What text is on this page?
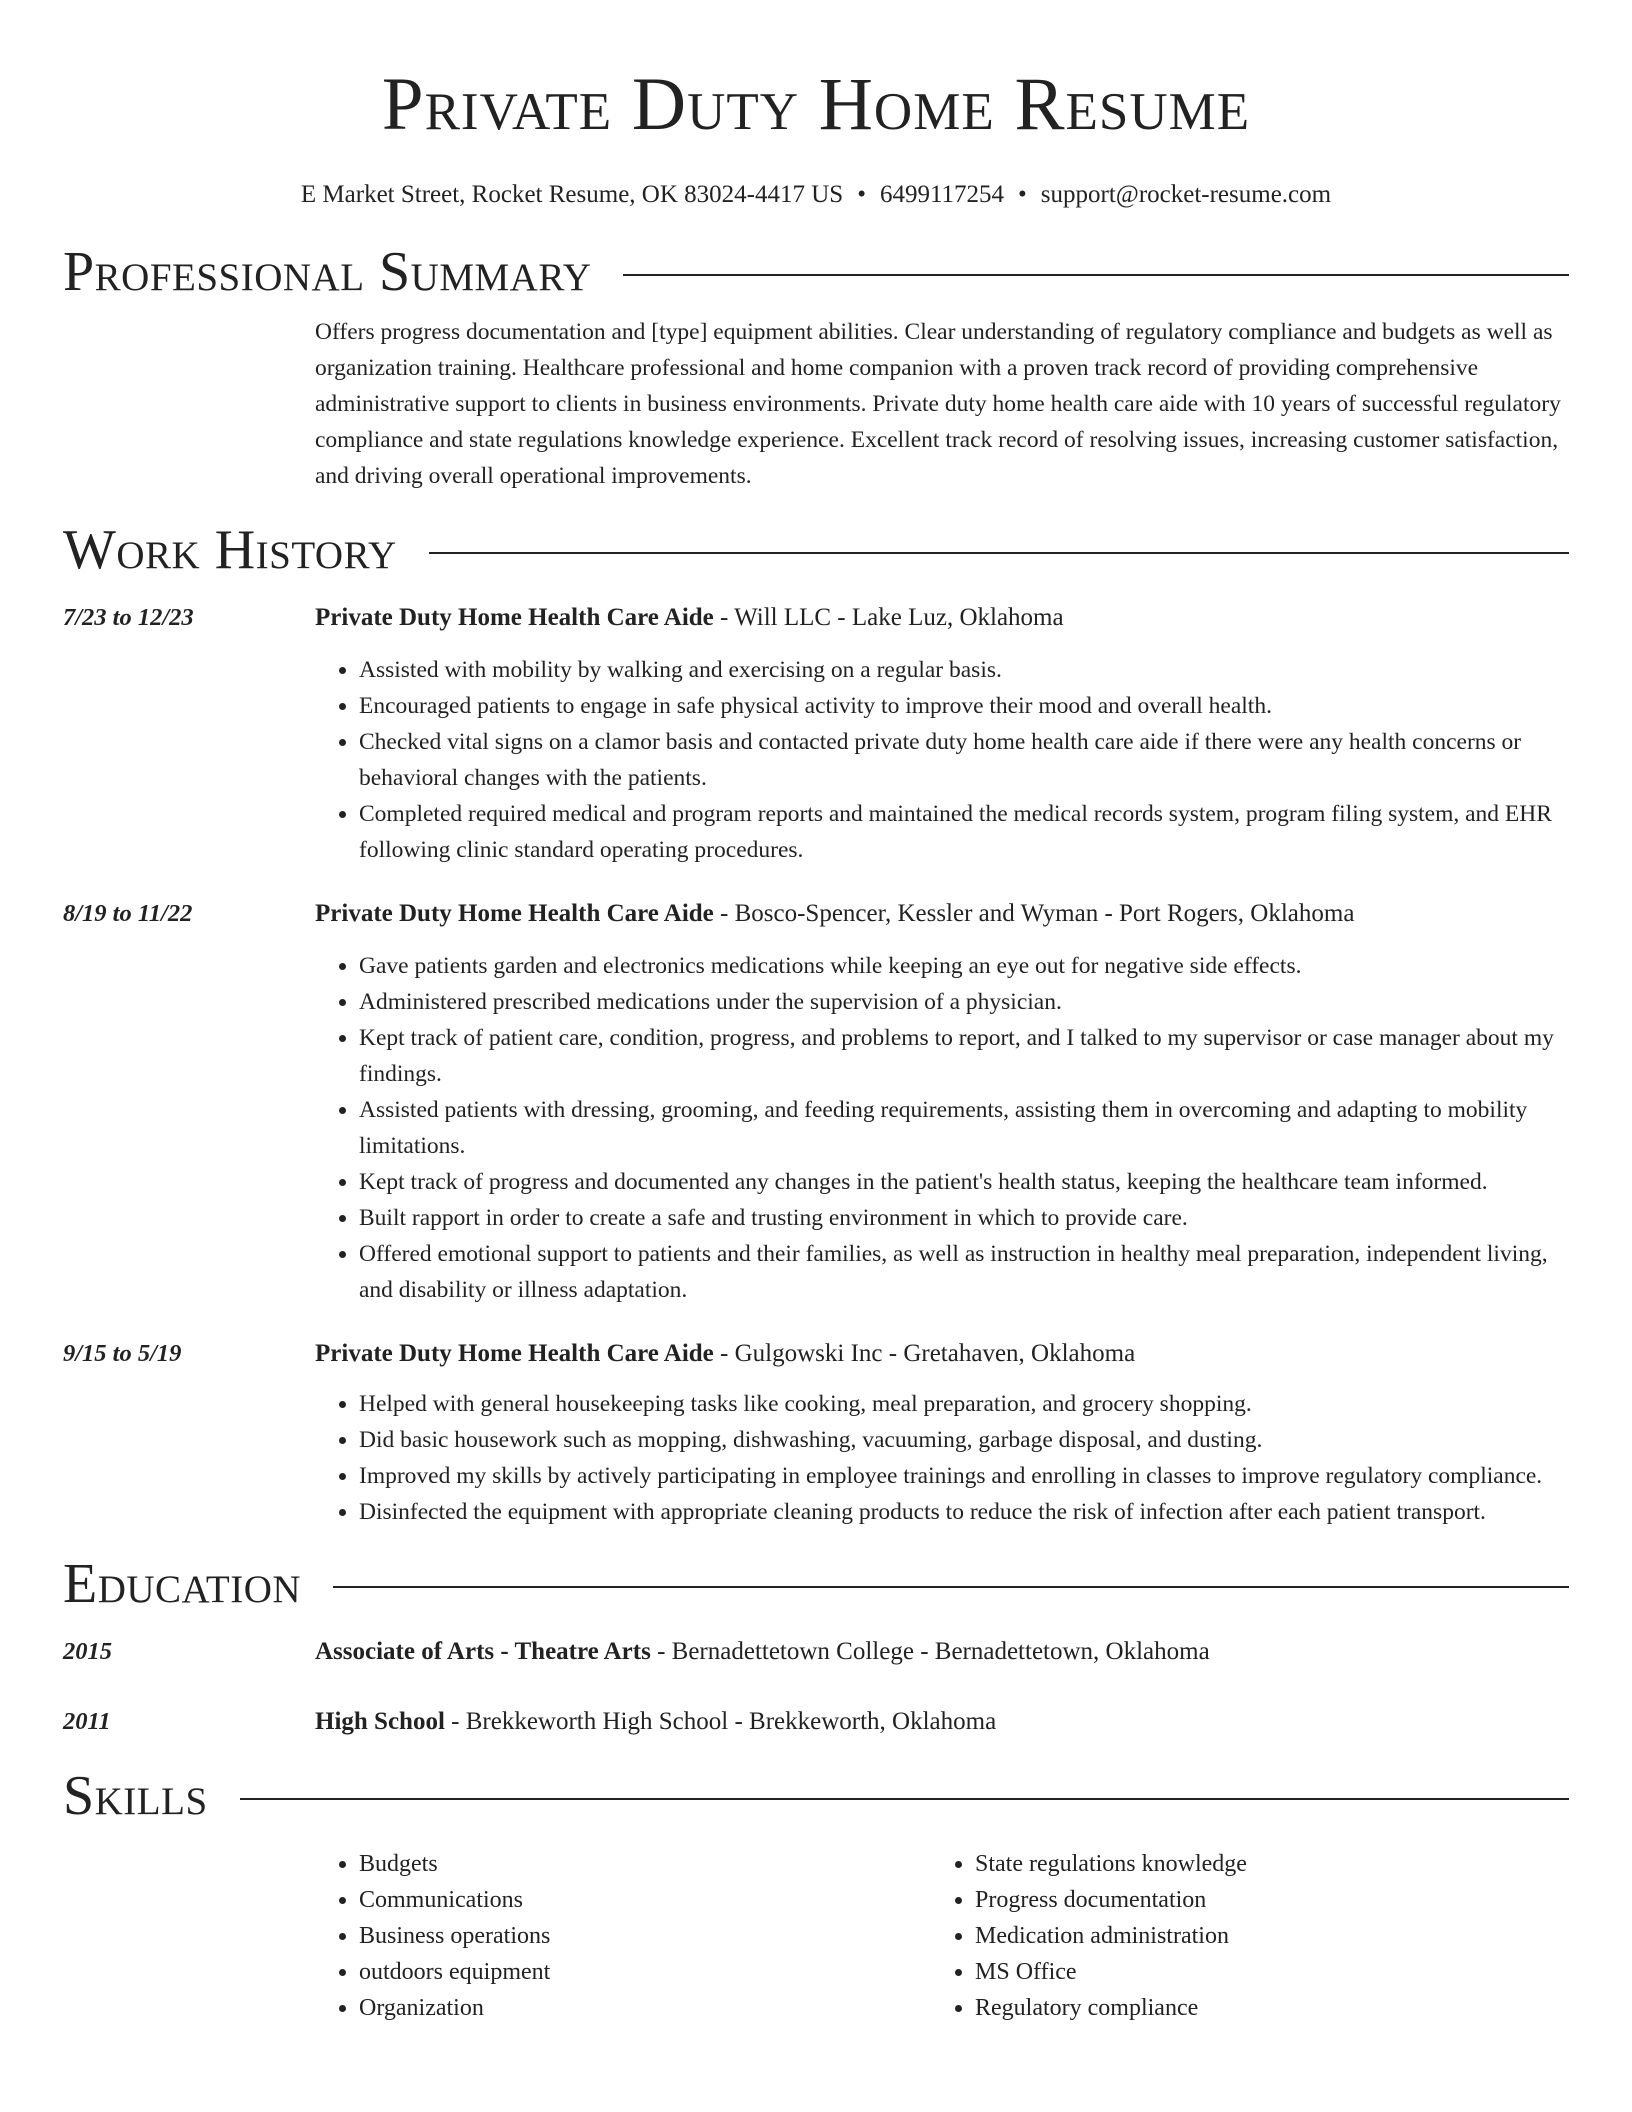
Private Duty Home Resume
E Market Street, Rocket Resume, OK 83024-4417 US • 6499117254 • support@rocket-resume.com
Professional Summary
Offers progress documentation and [type] equipment abilities. Clear understanding of regulatory compliance and budgets as well as organization training. Healthcare professional and home companion with a proven track record of providing comprehensive administrative support to clients in business environments. Private duty home health care aide with 10 years of successful regulatory compliance and state regulations knowledge experience. Excellent track record of resolving issues, increasing customer satisfaction, and driving overall operational improvements.
Work History
7/23 to 12/23	Private Duty Home Health Care Aide - Will LLC - Lake Luz, Oklahoma
• Assisted with mobility by walking and exercising on a regular basis.
• Encouraged patients to engage in safe physical activity to improve their mood and overall health.
• Checked vital signs on a clamor basis and contacted private duty home health care aide if there were any health concerns or behavioral changes with the patients.
• Completed required medical and program reports and maintained the medical records system, program filing system, and EHR following clinic standard operating procedures.
8/19 to 11/22	Private Duty Home Health Care Aide - Bosco-Spencer, Kessler and Wyman - Port Rogers, Oklahoma
• Gave patients garden and electronics medications while keeping an eye out for negative side effects.
• Administered prescribed medications under the supervision of a physician.
• Kept track of patient care, condition, progress, and problems to report, and I talked to my supervisor or case manager about my findings.
• Assisted patients with dressing, grooming, and feeding requirements, assisting them in overcoming and adapting to mobility limitations.
• Kept track of progress and documented any changes in the patient's health status, keeping the healthcare team informed.
• Built rapport in order to create a safe and trusting environment in which to provide care.
• Offered emotional support to patients and their families, as well as instruction in healthy meal preparation, independent living, and disability or illness adaptation.
9/15 to 5/19	Private Duty Home Health Care Aide - Gulgowski Inc - Gretahaven, Oklahoma
• Helped with general housekeeping tasks like cooking, meal preparation, and grocery shopping.
• Did basic housework such as mopping, dishwashing, vacuuming, garbage disposal, and dusting.
• Improved my skills by actively participating in employee trainings and enrolling in classes to improve regulatory compliance.
• Disinfected the equipment with appropriate cleaning products to reduce the risk of infection after each patient transport.
Education
2015	Associate of Arts - Theatre Arts - Bernadettetown College - Bernadettetown, Oklahoma
2011	High School - Brekkeworth High School - Brekkeworth, Oklahoma
Skills
• Budgets
• Communications
• Business operations
• outdoors equipment
• Organization
• State regulations knowledge
• Progress documentation
• Medication administration
• MS Office
• Regulatory compliance
